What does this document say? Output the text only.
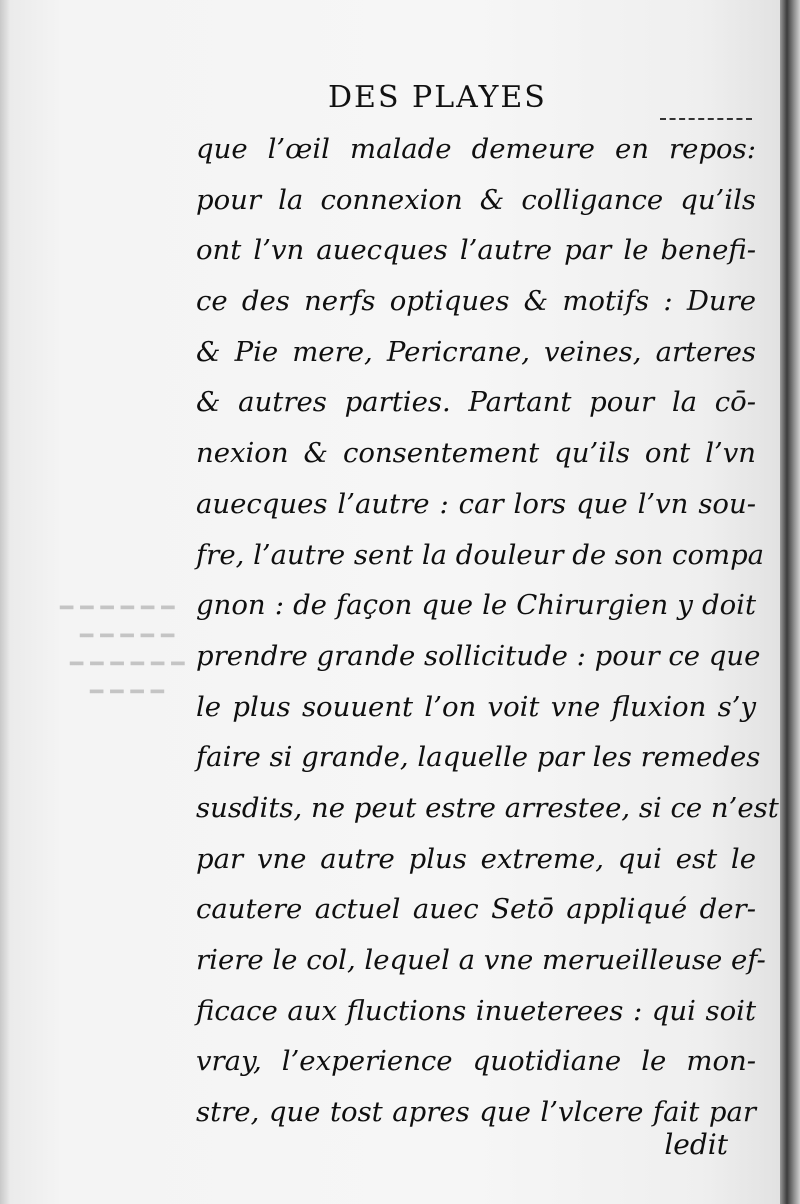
━ ━ ━ ━ ━ ━
━ ━ ━ ━ ━
━ ━ ━ ━ ━ ━
━ ━ ━ ━
DES PLAYES
que l’œil malade demeure en repos:
pour la connexion & colligance qu’ils
ont l’vn auecques l’autre par le benefi-
ce des nerfs optiques & motifs : Dure
& Pie mere, Pericrane, veines, arteres
& autres parties. Partant pour la cō-
nexion & consentement qu’ils ont l’vn
auecques l’autre : car lors que l’vn sou-
fre, l’autre sent la douleur de son compa
gnon : de façon que le Chirurgien y doit
prendre grande sollicitude : pour ce que
le plus souuent l’on voit vne fluxion s’y
faire si grande, laquelle par les remedes
susdits, ne peut estre arrestee, si ce n’est
par vne autre plus extreme, qui est le
cautere actuel auec Setō appliqué der-
riere le col, lequel a vne merueilleuse ef-
ficace aux fluctions inueterees : qui soit
vray, l’experience quotidiane le mon-
stre, que tost apres que l’vlcere fait par
ledit
